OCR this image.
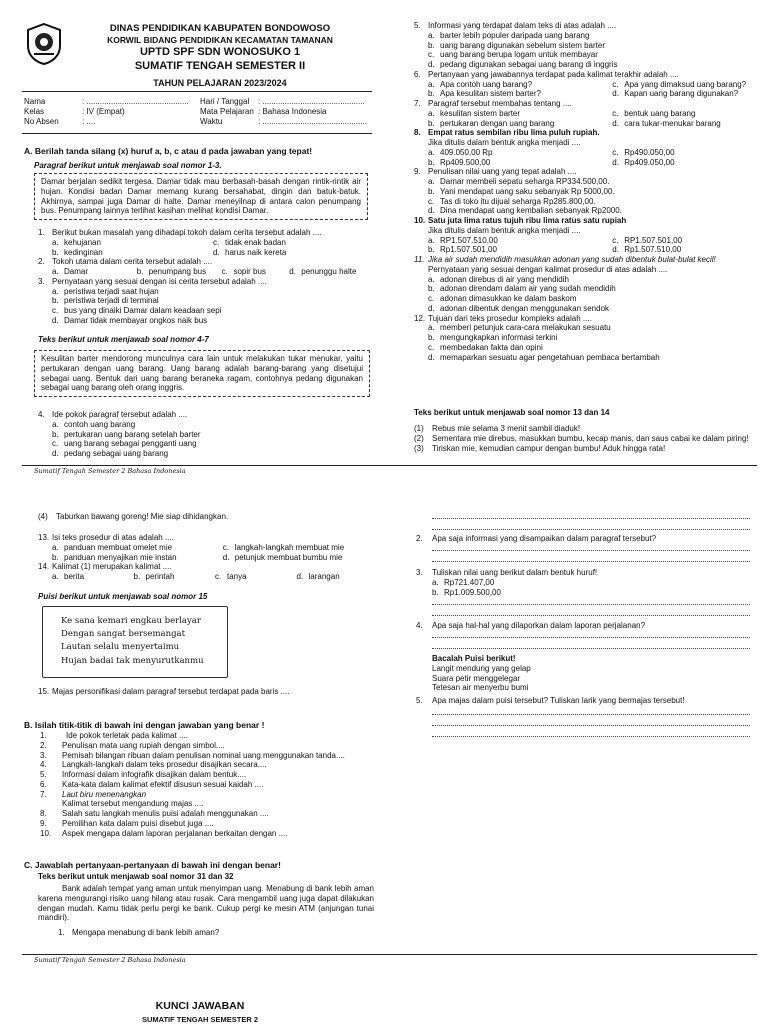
DINAS PENDIDIKAN KABUPATEN BONDOWOSO
KORWIL BIDANG PENDIDIKAN KECAMATAN TAMANAN
UPTD SPF SDN WONOSUKO 1
SUMATIF TENGAH SEMESTER II
TAHUN PELAJARAN 2023/2024
Nama	: ..............................................
Kelas	: IV (Empat)
No Absen	: ....
Hari / Tanggal	: ..............................................
Mata Pelajaran : Bahasa Indonesia
Waktu	: ...............................................
A. Berilah tanda silang (x) huruf a, b, c atau d pada jawaban yang tepat!
Paragraf berikut untuk menjawab soal nomor 1-3.
Damar berjalan sedikit tergesa. Damar tidak mau berbasah-basah dengan rintik-rintik air hujan. Kondisi badan Damar memang kurang bersahabat, dingin dan batuk-batuk. Akhirnya, sampai juga Damar di halte. Damar meneyilnap di antara calon penumpang bus. Penumpang lainnya terlihat kasihan melihat kondisi Damar.
1. Berikut bukan masalah yang dihadapi tokoh dalam cerita tersebut adalah ....
a. kehujanan	c. tidak enak badan
b. kedinginan	d. harus naik kereta
2. Tokoh utama dalam cerita tersebut adalah ....
a. Damar	b. penumpang bus c. sopir bus	d. penunggu halte
3. Pernyataan yang sesuai dengan isi cerita tersebut adalah ....
a. peristiwa terjadi saat hujan
b. peristiwa terjadi di terminal
c. bus yang dinaiki Damar dalam keadaan sepi
d. Damar tidak membayar ongkos naik bus
Teks berikut untuk menjawab soal nomor 4-7
Kesulitan barter mendorong munculnya cara lain untuk melakukan tukar menukar, yaitu pertukaran dengan uang barang. Uang barang adalah barang-barang yang disetujui sebagai uang. Bentuk dari uang barang beraneka ragam, contohnya pedang digunakan sebagai uang barang oleh orang inggris.
4. Ide pokok paragraf tersebut adalah ....
a. contoh uang barang
b. pertukaran uang barang setelah barter
c. uang barang sebagai pengganti uang
d. pedang sebagai uang barang
5. Informasi yang terdapat dalam teks di atas adalah ....
a. barter lebih populer daripada uang barang
b. uang barang digunakan sebelum sistem barter
c. uang barang berupa logam untuk membayar
d. pedang digunakan sebagai uang barang di inggris
6. Pertanyaan yang jawabannya terdapat pada kalimat terakhir adalah ....
a. Apa contoh uang barang?	c. Apa yang dimaksud uang barang?
b. Apa kesulitan sistem barter?	d. Kapan uang barang digunakan?
7. Paragraf tersebut membahas tentang ....
a. kesulitan sistem barter	c. bentuk uang barang
b. pertukaran dengan uang barang	d. cara tukar-menukar barang
8. Empat ratus sembilan ribu lima puluh rupiah.
Jika ditulis dalam bentuk angka menjadi ....
a. 409.050,00 Rp	c. Rp490.050,00
b. Rp409.500,00	d. Rp409.050,00
9. Penulisan nilai uang yang tepat adalah ....
a. Damar membeli sepatu seharga RP334.500,00.
b. Yani mendapat uang saku sebanyak Rp 5000,00.
c. Tas di toko itu dijual seharga Rp285.800,00.
d. Dina mendapat uang kembalian sebanyak Rp2000.
10. Satu juta lima ratus tujuh ribu lima ratus satu rupiah
Jika ditulis dalam bentuk angka menjadi ....
a. RP1.507.510,00	c. RP1.507.501,00
b. Rp1.507.501,00	d. Rp1.507.510,00
11. Jika air sudah mendidih masukkan adonan yang sudah dibentuk bulat-bulat kecil!
Pernyataan yang sesuai dengan kalimat prosedur di atas adalah ....
a. adonan direbus di air yang mendidih
b. adonan direndam dalam air yang sudah mendidih
c. adonan dimasukkan ke dalam baskom
d. adonan dibentuk dengan menggunakan sendok
12. Tujuan dari teks prosedur kompleks adalah ....
a. memberi petunjuk cara-cara melakukan sesuatu
b. mengungkapkan informasi terkini
c. membedakan fakta dan opini
d. memaparkan sesuatu agar pengetahuan pembaca bertambah
Teks berikut untuk menjawab soal nomor 13 dan 14
(1)	Rebus mie selama 3 menit sambil diaduk!
(2)	Sementara mie direbus, masukkan bumbu, kecap manis, dan saus cabai ke dalam piring!
(3)	Tiriskan mie, kemudian campur dengan bumbu! Aduk hingga rata!
Sumatif Tengah Semester 2 Bahasa Indonesia
(4) Taburkan bawang goreng! Mie siap dihidangkan.
13. Isi teks prosedur di atas adalah ....
a. panduan membuat omelet mie	c. langkah-langkah membuat mie
b. panduan menyajikan mie instan	d. petunjuk membuat bumbu mie
14. Kalimat (1) merupakan kalimat ....
a. berita	b. perintah	c. tanya	d. larangan
Puisi berikut untuk menjawab soal nomor 15
Ke sana kemari engkau berlayar
Dengan sangat bersemangat
Lautan selalu menyertaimu
Hujan badai tak menyurutkanmu
15. Majas personifikasi dalam paragraf tersebut terdapat pada baris ....
B. Isilah titik-titik di bawah ini dengan jawaban yang benar !
1.	Ide pokok terletak pada kalimat ....
2.	Penulisan mata uang rupiah dengan simbol....
3.	Pemisah bilangan ribuan dalam penulisan nominal uang menggunakan tanda....
4.	Langkah-langkah dalam teks prosedur disajikan secara....
5.	Informasi dalam infografik disajikan dalam bentuk....
6.	Kata-kata dalam kalimat efektif disusun sesuai kaidah ....
7.	Laut biru menenangkan
Kalimat tersebut mengandung majas ....
8.	Salah satu langkah menulis puisi adalah menggunakan ....
9.	Pemilihan kata dalam puisi disebut juga ....
10.	Aspek mengapa dalam laporan perjalanan berkaitan dengan ....
C. Jawablah pertanyaan-pertanyaan di bawah ini dengan benar!
Teks berikut untuk menjawab soal nomor 31 dan 32
Bank adalah tempat yang aman untuk menyimpan uang. Menabung di bank lebih aman karena mengurangi risiko uang hilang atau rusak. Cara mengambil uang juga dapat dilakukan dengan mudah. Kamu tidak perlu pergi ke bank. Cukup pergi ke mesin ATM (anjungan tunai mandiri).
1. Mengapa menabung di bank lebih aman?
2.	Apa saja informasi yang disampaikan dalam paragraf tersebut?
3.	Tuliskan nilai uang berikut dalam bentuk huruf!
a. Rp721.407,00
b. Rp1.009.500,00
4.	Apa saja hal-hal yang dilaporkan dalam laporan perjalanan?
Bacalah Puisi berikut!
Langit mendung yang gelap
Suara petir menggelegar
Tetesan air menyerbu bumi
5.	Apa majas dalam puisi tersebut? Tuliskan larik yang bermajas tersebut!
Sumatif Tengah Semester 2 Bahasa Indonesia
KUNCI JAWABAN
SUMATIF TENGAH SEMESTER 2
